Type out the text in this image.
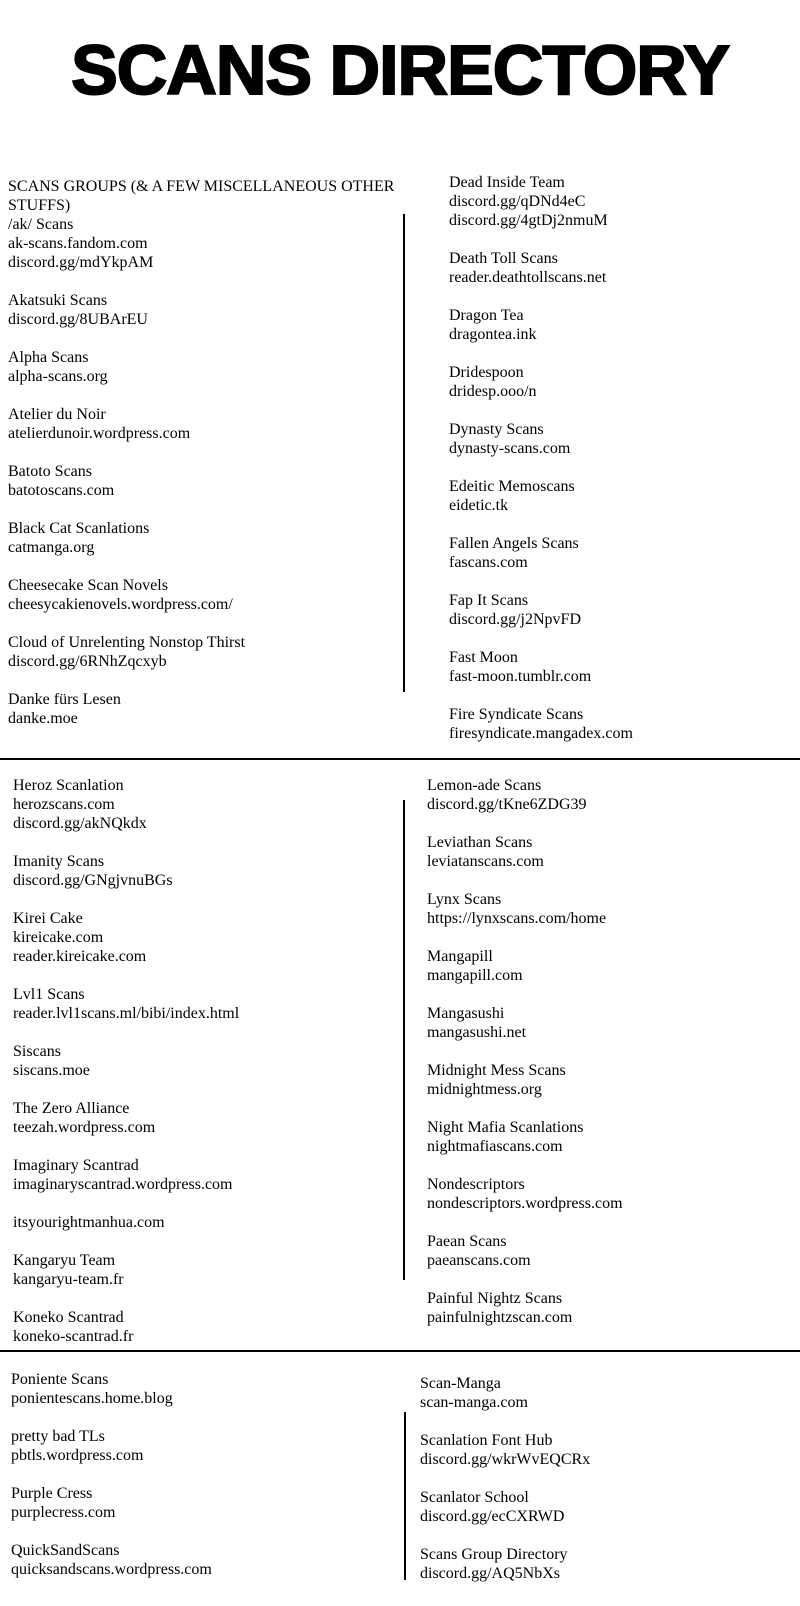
SCANS DIRECTORY
SCANS GROUPS (& A FEW MISCELLANEOUS OTHER STUFFS)
/ak/ Scans
ak-scans.fandom.com
discord.gg/mdYkpAM
Akatsuki Scans
discord.gg/8UBArEU
Alpha Scans
alpha-scans.org
Atelier du Noir
atelierdunoir.wordpress.com
Batoto Scans
batotoscans.com
Black Cat Scanlations
catmanga.org
Cheesecake Scan Novels
cheesycakienovels.wordpress.com/
Cloud of Unrelenting Nonstop Thirst
discord.gg/6RNhZqcxyb
Danke fürs Lesen
danke.moe
Dead Inside Team
discord.gg/qDNd4eC
discord.gg/4gtDj2nmuM
Death Toll Scans
reader.deathtollscans.net
Dragon Tea
dragontea.ink
Dridespoon
dridesp.ooo/n
Dynasty Scans
dynasty-scans.com
Edeitic Memoscans
eidetic.tk
Fallen Angels Scans
fascans.com
Fap It Scans
discord.gg/j2NpvFD
Fast Moon
fast-moon.tumblr.com
Fire Syndicate Scans
firesyndicate.mangadex.com
Heroz Scanlation
herozscans.com
discord.gg/akNQkdx
Imanity Scans
discord.gg/GNgjvnuBGs
Kirei Cake
kireicake.com
reader.kireicake.com
Lvl1 Scans
reader.lvl1scans.ml/bibi/index.html
Siscans
siscans.moe
The Zero Alliance
teezah.wordpress.com
Imaginary Scantrad
imaginaryscantrad.wordpress.com
itsyourightmanhua.com
Kangaryu Team
kangaryu-team.fr
Koneko Scantrad
koneko-scantrad.fr
Lemon-ade Scans
discord.gg/tKne6ZDG39
Leviathan Scans
leviatanscans.com
Lynx Scans
https://lynxscans.com/home
Mangapill
mangapill.com
Mangasushi
mangasushi.net
Midnight Mess Scans
midnightmess.org
Night Mafia Scanlations
nightmafiascans.com
Nondescriptors
nondescriptors.wordpress.com
Paean Scans
paeanscans.com
Painful Nightz Scans
painfulnightzscan.com
Poniente Scans
ponientescans.home.blog
pretty bad TLs
pbtls.wordpress.com
Purple Cress
purplecress.com
QuickSandScans
quicksandscans.wordpress.com
Scan-Manga
scan-manga.com
Scanlation Font Hub
discord.gg/wkrWvEQCRx
Scanlator School
discord.gg/ecCXRWD
Scans Group Directory
discord.gg/AQ5NbXs
